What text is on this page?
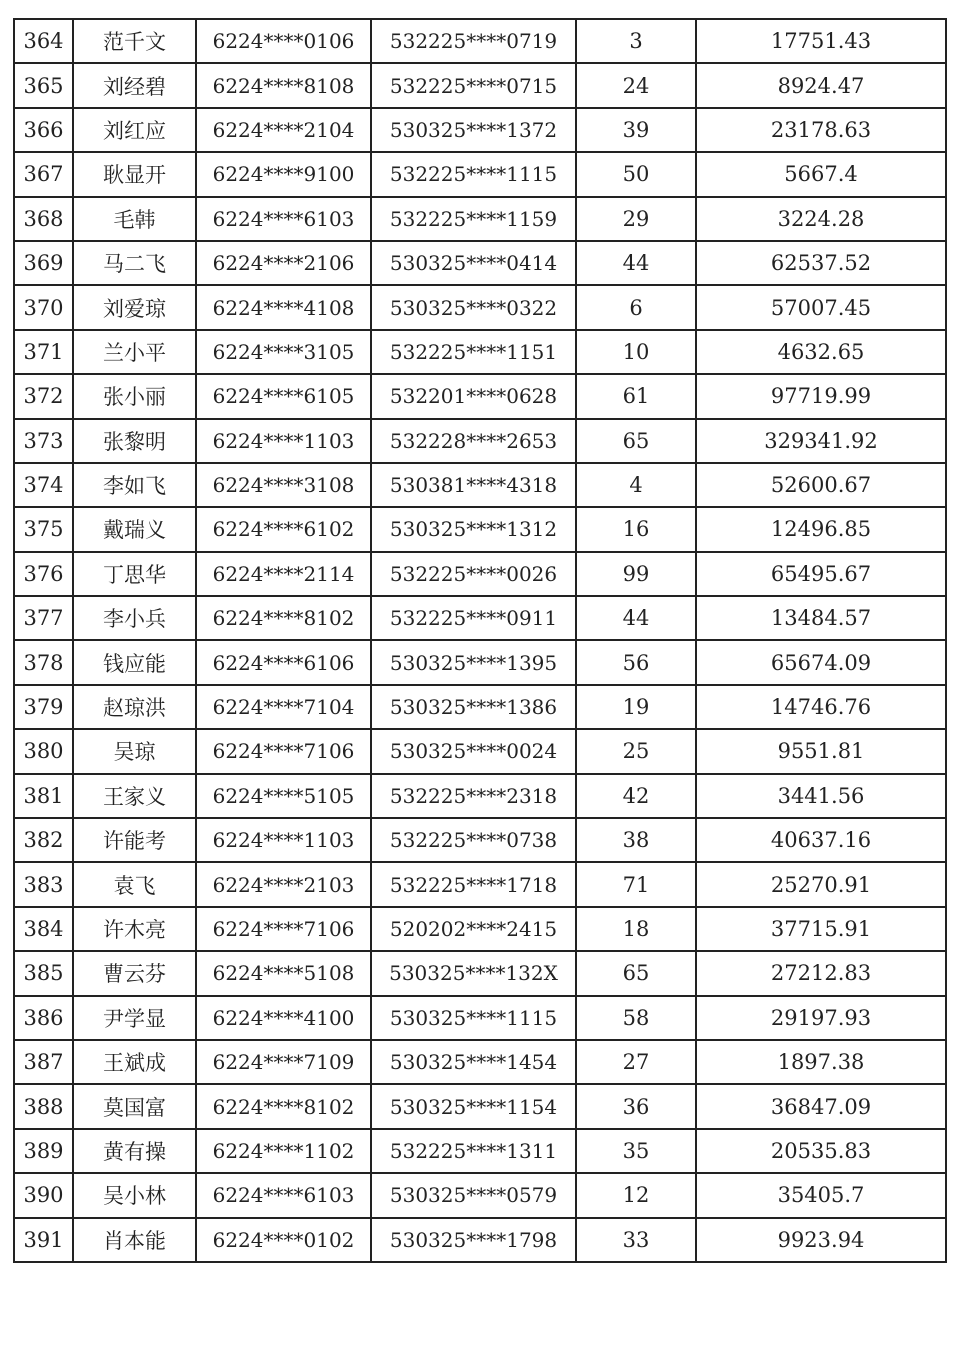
364	范千文	6224****0106	532225****0719	3	17751.43
365	刘经碧	6224****8108	532225****0715	24	8924.47
366	刘红应	6224****2104	530325****1372	39	23178.63
367	耿显开	6224****9100	532225****1115	50	5667.4
368	毛韩	6224****6103	532225****1159	29	3224.28
369	马二飞	6224****2106	530325****0414	44	62537.52
370	刘爱琼	6224****4108	530325****0322	6	57007.45
371	兰小平	6224****3105	532225****1151	10	4632.65
372	张小丽	6224****6105	532201****0628	61	97719.99
373	张黎明	6224****1103	532228****2653	65	329341.92
374	李如飞	6224****3108	530381****4318	4	52600.67
375	戴瑞义	6224****6102	530325****1312	16	12496.85
376	丁思华	6224****2114	532225****0026	99	65495.67
377	李小兵	6224****8102	532225****0911	44	13484.57
378	钱应能	6224****6106	530325****1395	56	65674.09
379	赵琼洪	6224****7104	530325****1386	19	14746.76
380	吴琼	6224****7106	530325****0024	25	9551.81
381	王家义	6224****5105	532225****2318	42	3441.56
382	许能考	6224****1103	532225****0738	38	40637.16
383	袁飞	6224****2103	532225****1718	71	25270.91
384	许木亮	6224****7106	520202****2415	18	37715.91
385	曹云芬	6224****5108	530325****132X	65	27212.83
386	尹学显	6224****4100	530325****1115	58	29197.93
387	王斌成	6224****7109	530325****1454	27	1897.38
388	莫国富	6224****8102	530325****1154	36	36847.09
389	黄有操	6224****1102	532225****1311	35	20535.83
390	吴小林	6224****6103	530325****0579	12	35405.7
391	肖本能	6224****0102	530325****1798	33	9923.94
